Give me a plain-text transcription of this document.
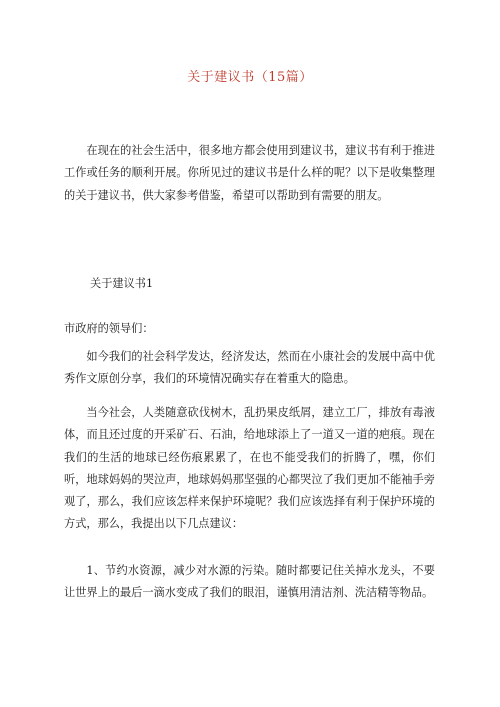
关于建议书（15篇）

在现在的社会生活中，很多地方都会使用到建议书，建议书有利于推进工作或任务的顺利开展。你所见过的建议书是什么样的呢？以下是收集整理的关于建议书，供大家参考借鉴，希望可以帮助到有需要的朋友。

关于建议书1
市政府的领导们：

如今我们的社会科学发达，经济发达，然而在小康社会的发展中高中优秀作文原创分享，我们的环境情况确实存在着重大的隐患。

当今社会，人类随意砍伐树木，乱扔果皮纸屑，建立工厂，排放有毒液体，而且还过度的开采矿石、石油，给地球添上了一道又一道的疤痕。现在我们的生活的地球已经伤痕累累了，在也不能受我们的折腾了，嘿，你们听，地球妈妈的哭泣声，地球妈妈那坚强的心都哭泣了我们更加不能袖手旁观了，那么，我们应该怎样来保护环境呢？我们应该选择有利于保护环境的方式，那么，我提出以下几点建议：

1、节约水资源，减少对水源的污染。随时都要记住关掉水龙头，不要让世界上的最后一滴水变成了我们的眼泪，谨慎用清洁剂、洗洁精等物品。
